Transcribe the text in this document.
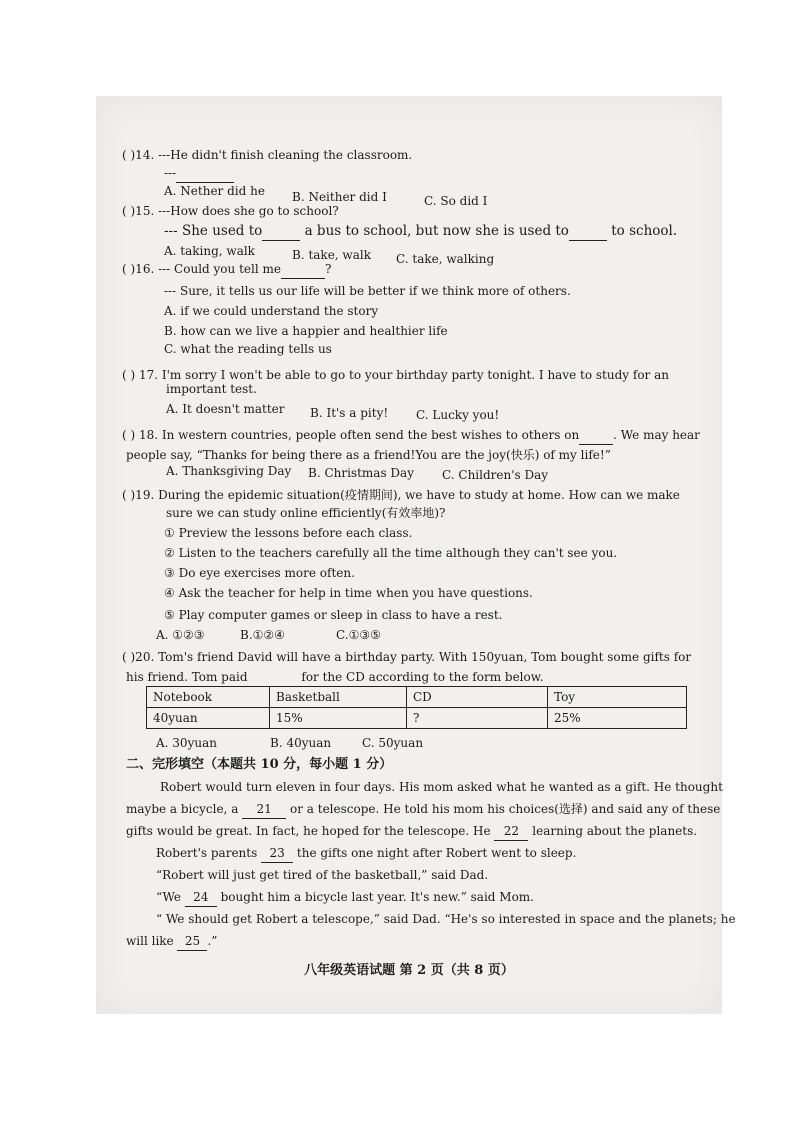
( )14. ---He didn't finish cleaning the classroom.
---
A. Nether did he B. Neither did I	C. So did I
( )15. ---How does she go to school?
--- She used to	a bus to school, but now she is used to	to school.
A. taking, walk	B. take, walk C. take, walking
( )16. --- Could you tell me	?
--- Sure, it tells us our life will be better if we think more of others.
A. if we could understand the story
B. how can we live a happier and healthier life
C. what the reading tells us
( ) 17. I'm sorry I won't be able to go to your birthday party tonight. I have to study for an
important test.
A. It doesn't matter B. It's a pity! C. Lucky you!
( ) 18. In western countries, people often send the best wishes to others on	. We may hear
people say, “Thanks for being there as a friend!You are the joy(快乐) of my life!”
A. Thanksgiving Day B. Christmas Day C. Children's Day
( )19. During the epidemic situation(疫情期间), we have to study at home. How can we make
sure we can study online efficiently(有效率地)?
① Preview the lessons before each class.
② Listen to the teachers carefully all the time although they can't see you.
③ Do eye exercises more often.
④ Ask the teacher for help in time when you have questions.
⑤ Play computer games or sleep in class to have a rest.
A. ①②③	B.①②④	C.①③⑤
( )20. Tom's friend David will have a birthday party. With 150yuan, Tom bought some gifts for
his friend. Tom paid	for the CD according to the form below.
Notebook	Basketball	CD	Toy
40yuan	15%	?	25%
A. 30yuan	B. 40yuan	C. 50yuan
二、完形填空（本题共 10 分，每小题 1 分）
Robert would turn eleven in four days. His mom asked what he wanted as a gift. He thought
maybe a bicycle, a 21 or a telescope. He told his mom his choices(选择) and said any of these
gifts would be great. In fact, he hoped for the telescope. He 22 learning about the planets.
Robert's parents 23 the gifts one night after Robert went to sleep.
“Robert will just get tired of the basketball,” said Dad.
“We 24 bought him a bicycle last year. It's new.” said Mom.
“ We should get Robert a telescope,” said Dad. “He's so interested in space and the planets; he
will like 25 .”
八年级英语试题 第 2 页（共 8 页）
